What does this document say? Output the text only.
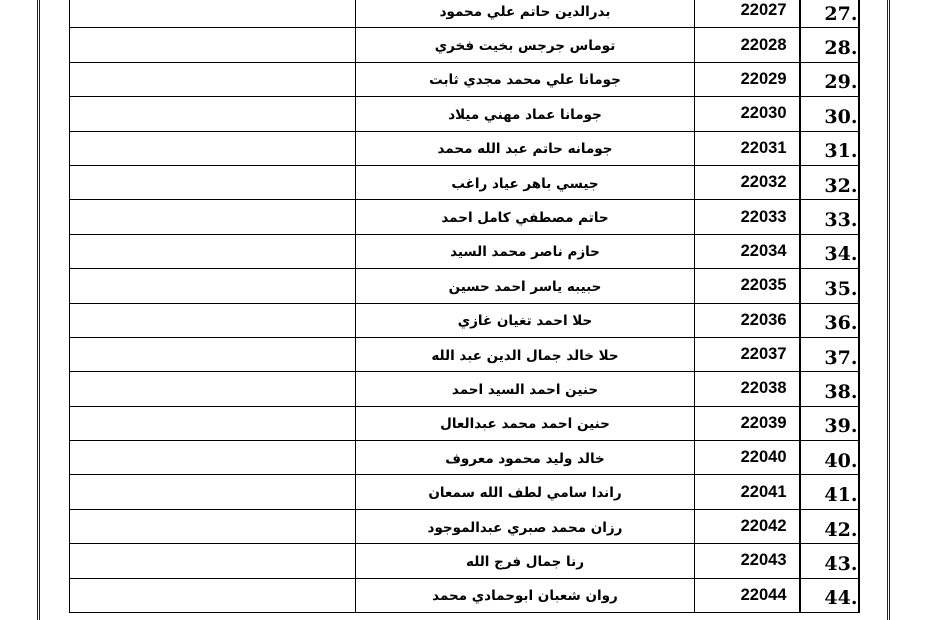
.27	22027	بدرالدين حاتم علي محمود	
.28	22028	توماس جرجس بخيت فخري	
.29	22029	جومانا علي محمد مجدي ثابت	
.30	22030	جومانا عماد مهني ميلاد	
.31	22031	جومانه حاتم عبد الله محمد	
.32	22032	جيسي باهر عياد راغب	
.33	22033	حاتم مصطفي كامل احمد	
.34	22034	حازم ناصر محمد السيد	
.35	22035	حبيبه ياسر احمد حسين	
.36	22036	حلا احمد تغيان غازي	
.37	22037	حلا خالد جمال الدين عبد الله	
.38	22038	حنين احمد السيد احمد	
.39	22039	حنين احمد محمد عبدالعال	
.40	22040	خالد وليد محمود معروف	
.41	22041	راندا سامي لطف الله سمعان	
.42	22042	رزان محمد صبري عبدالموجود	
.43	22043	رنا جمال فرج الله	
.44	22044	روان شعبان ابوحمادي محمد	
